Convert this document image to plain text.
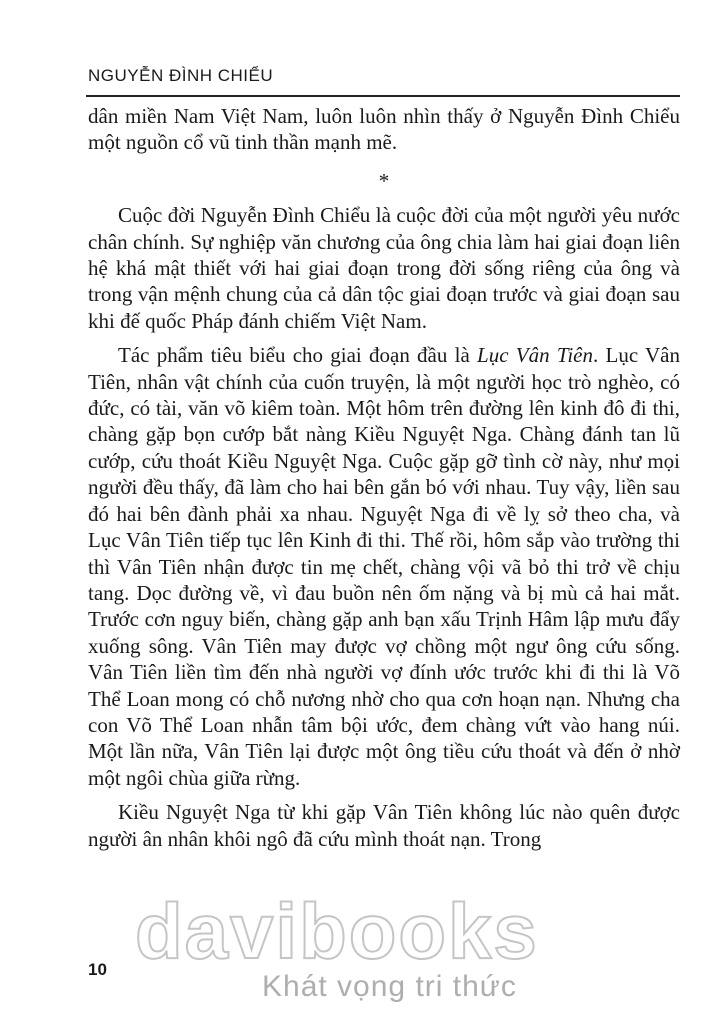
NGUYỄN ĐÌNH CHIỂU

dân miền Nam Việt Nam, luôn luôn nhìn thấy ở Nguyễn Đình Chiểu một nguồn cổ vũ tinh thần mạnh mẽ.

*

Cuộc đời Nguyễn Đình Chiểu là cuộc đời của một người yêu nước chân chính. Sự nghiệp văn chương của ông chia làm hai giai đoạn liên hệ khá mật thiết với hai giai đoạn trong đời sống riêng của ông và trong vận mệnh chung của cả dân tộc giai đoạn trước và giai đoạn sau khi đế quốc Pháp đánh chiếm Việt Nam.

Tác phẩm tiêu biểu cho giai đoạn đầu là Lục Vân Tiên. Lục Vân Tiên, nhân vật chính của cuốn truyện, là một người học trò nghèo, có đức, có tài, văn võ kiêm toàn. Một hôm trên đường lên kinh đô đi thi, chàng gặp bọn cướp bắt nàng Kiều Nguyệt Nga. Chàng đánh tan lũ cướp, cứu thoát Kiều Nguyệt Nga. Cuộc gặp gỡ tình cờ này, như mọi người đều thấy, đã làm cho hai bên gắn bó với nhau. Tuy vậy, liền sau đó hai bên đành phải xa nhau. Nguyệt Nga đi về lỵ sở theo cha, và Lục Vân Tiên tiếp tục lên Kinh đi thi. Thế rồi, hôm sắp vào trường thi thì Vân Tiên nhận được tin mẹ chết, chàng vội vã bỏ thi trở về chịu tang. Dọc đường về, vì đau buồn nên ốm nặng và bị mù cả hai mắt. Trước cơn nguy biến, chàng gặp anh bạn xấu Trịnh Hâm lập mưu đẩy xuống sông. Vân Tiên may được vợ chồng một ngư ông cứu sống. Vân Tiên liền tìm đến nhà người vợ đính ước trước khi đi thi là Võ Thể Loan mong có chỗ nương nhờ cho qua cơn hoạn nạn. Nhưng cha con Võ Thể Loan nhẫn tâm bội ước, đem chàng vứt vào hang núi. Một lần nữa, Vân Tiên lại được một ông tiều cứu thoát và đến ở nhờ một ngôi chùa giữa rừng.

Kiều Nguyệt Nga từ khi gặp Vân Tiên không lúc nào quên được người ân nhân khôi ngô đã cứu mình thoát nạn. Trong

10 davibooks
Khát vọng tri thức
